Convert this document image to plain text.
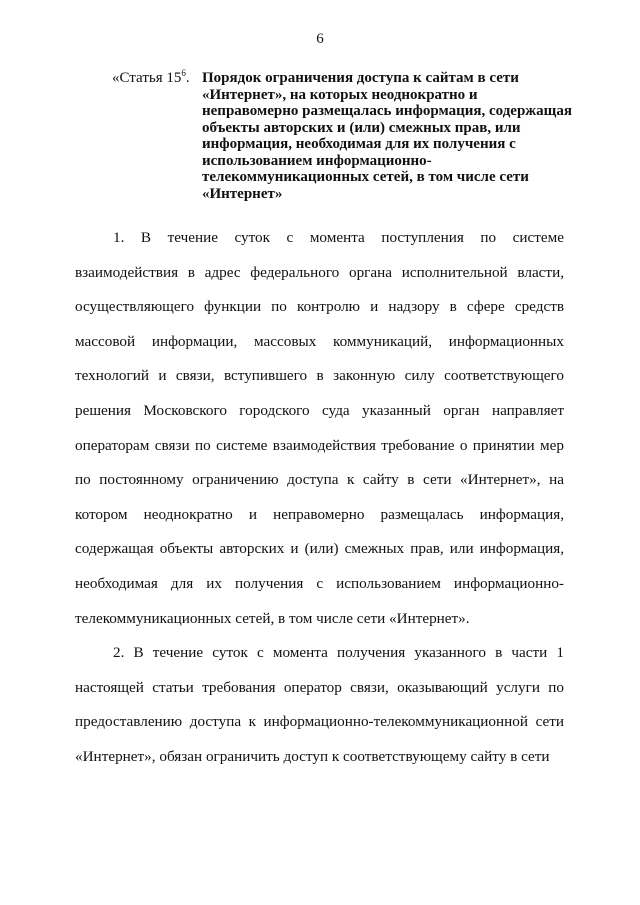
6
«Статья $15^6$. Порядок ограничения доступа к сайтам в сети «Интернет», на которых неоднократно и неправомерно размещалась информация, содержащая объекты авторских и (или) смежных прав, или информация, необходимая для их получения с использованием информационно-телекоммуникационных сетей, в том числе сети «Интернет»

1. В течение суток с момента поступления по системе взаимодействия в адрес федерального органа исполнительной власти, осуществляющего функции по контролю и надзору в сфере средств массовой информации, массовых коммуникаций, информационных технологий и связи, вступившего в законную силу соответствующего решения Московского городского суда указанный орган направляет операторам связи по системе взаимодействия требование о принятии мер по постоянному ограничению доступа к сайту в сети «Интернет», на котором неоднократно и неправомерно размещалась информация, содержащая объекты авторских и (или) смежных прав, или информация, необходимая для их получения с использованием информационно-телекоммуникационных сетей, в том числе сети «Интернет».

2. В течение суток с момента получения указанного в части 1 настоящей статьи требования оператор связи, оказывающий услуги по предоставлению доступа к информационно-телекоммуникационной сети «Интернет», обязан ограничить доступ к соответствующему сайту в сети
